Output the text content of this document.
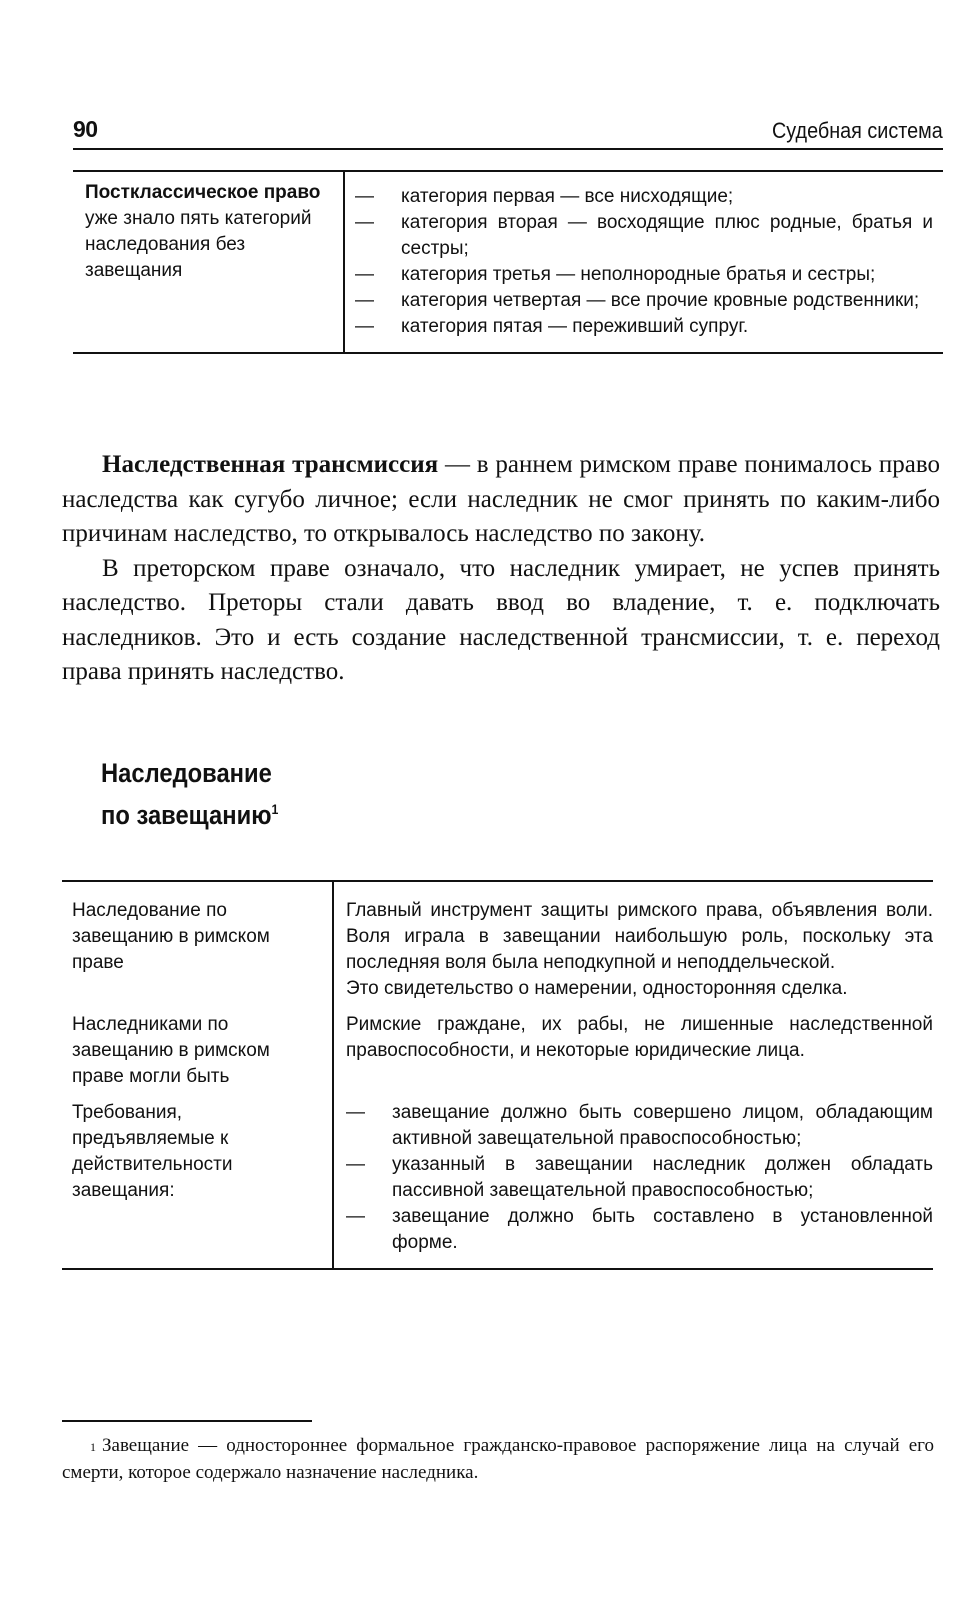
90	Судебная система
Постклассическое право уже знало пять категорий наследования без завещания
— категория первая — все нисходящие;
— категория вторая — восходящие плюс родные, братья и сестры;
— категория третья — неполнородные братья и сестры;
— категория четвертая — все прочие кровные родственники;
— категория пятая — переживший супруг.

Наследственная трансмиссия — в раннем римском праве понималось право наследства как сугубо личное; если наследник не смог принять по каким-либо причинам наследство, то открывалось наследство по закону.

В преторском праве означало, что наследник умирает, не успев принять наследство. Преторы стали давать ввод во владение, т. е. подключать наследников. Это и есть создание наследственной трансмиссии, т. е. переход права принять наследство.

Наследование
по завещанию$^1$
Наследование по завещанию в римском праве
Главный инструмент защиты римского права, объявления воли. Воля играла в завещании наибольшую роль, поскольку эта последняя воля была неподкупной и неподдельческой.
Это свидетельство о намерении, односторонняя сделка.
Наследниками по завещанию в римском праве могли быть
Римские граждане, их рабы, не лишенные наследственной правоспособности, и некоторые юридические лица.
Требования, предъявляемые к действительности завещания:
— завещание должно быть совершено лицом, обладающим активной завещательной правоспособностью;
— указанный в завещании наследник должен обладать пассивной завещательной правоспособностью;
— завещание должно быть составлено в установленной форме.
$^1$ Завещание — одностороннее формальное гражданско-правовое распоряжение лица на случай его смерти, которое содержало назначение наследника.
